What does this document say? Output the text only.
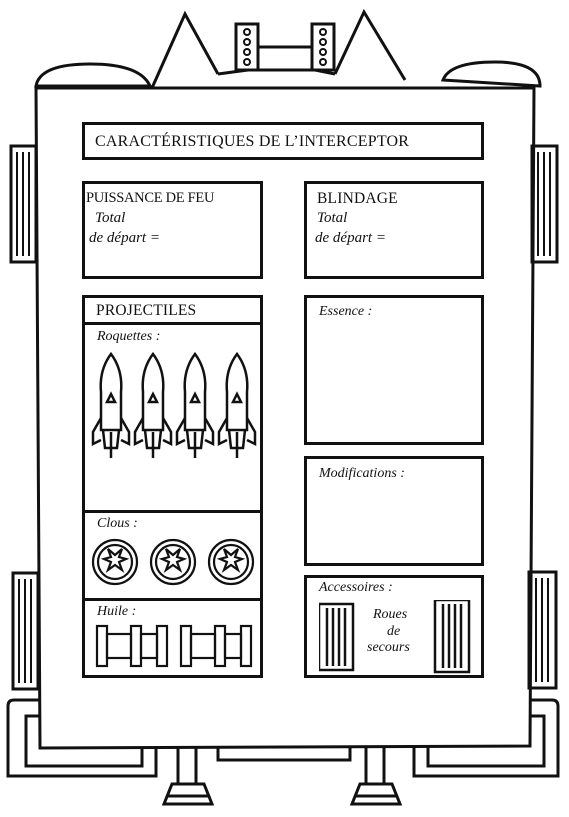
CARACTÉRISTIQUES DE L’INTERCEPTOR
PUISSANCE DE FEU
Total
de départ =
BLINDAGE
Total
de départ =
PROJECTILES
Roquettes :
Clous :
Huile :
Essence :
Modifications :
Accessoires :
Roues
de
secours
